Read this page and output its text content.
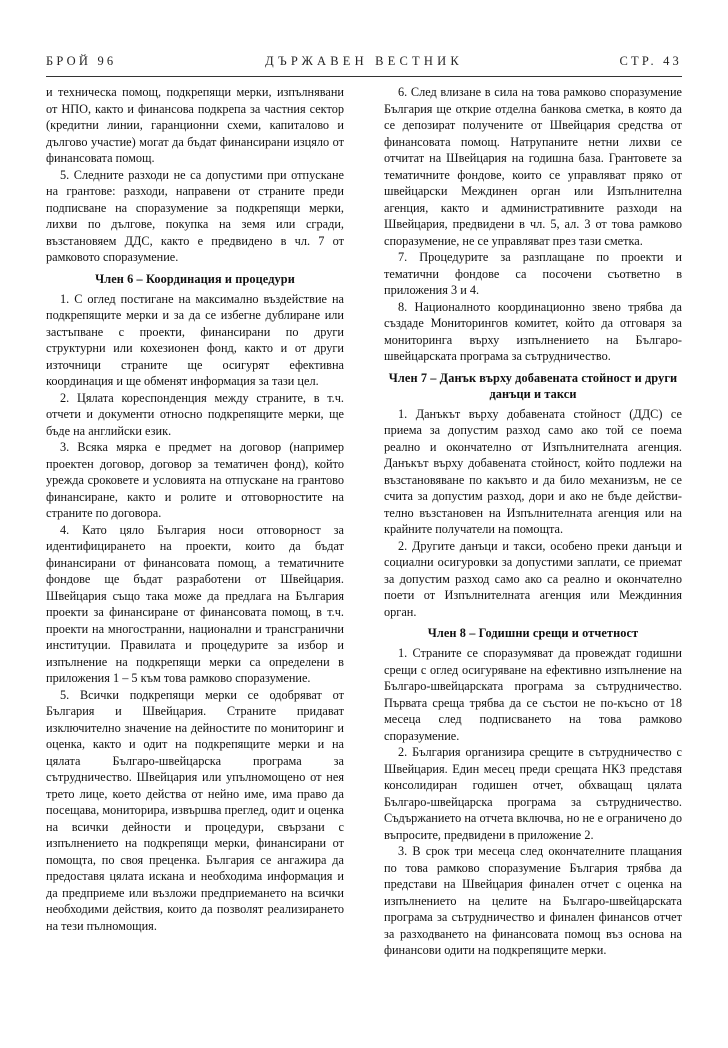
БРОЙ 96	ДЪРЖАВЕН ВЕСТНИК	СТР. 43

и техническа помощ, подкрепящи мерки, изпълнявани от НПО, както и финансова подкрепа за частния сектор (кредитни линии, гаранционни схеми, капиталово и дългово участие) могат да бъдат финансирани изцяло от финансовата помощ.

5. Следните разходи не са допустими при отпускане на грантове: разходи, направени от страните преди подписване на споразумение за подкрепящи мерки, лихви по дългове, покупка на земя или сгради, възстановяем ДДС, както е предвидено в чл. 7 от рамковото споразумение.

Член 6 – Координация и процедури

1. С оглед постигане на максимално въздействие на подкрепящите мерки и за да се избегне дублиране или застъпване с проекти, финансирани по други структурни или кохезионен фонд, както и от други източници страните ще осигурят ефективна координация и ще обменят информация за тази цел.

2. Цялата кореспонденция между страните, в т.ч. отчети и документи относно подкрепящите мерки, ще бъде на английски език.

3. Всяка мярка е предмет на договор (например проектен договор, договор за тематичен фонд), който урежда сроковете и условията на отпускане на грантово финансиране, както и ролите и отговорностите на страните по договора.

4. Като цяло България носи отговорност за идентифицирането на проекти, които да бъдат финансирани от финансовата помощ, а тематичните фондове ще бъдат разработени от Швейцария. Швейцария също така може да предлага на България проекти за финансиране от финансовата помощ, в т.ч. проекти на многостранни, национални и трансгранични институции. Правилата и процедурите за избор и изпълнение на подкрепящи мерки са определени в приложения 1 – 5 към това рамково споразумение.

5. Всички подкрепящи мерки се одобряват от България и Швейцария. Страните придават изключително значение на дейностите по мониторинг и оценка, както и одит на подкрепящите мерки и на цялата Българо-швейцарска програма за сътрудничество. Швейцария или упълномощено от нея трето лице, което действа от нейно име, има право да посещава, мониторира, извършва преглед, одит и оценка на всички дейности и процедури, свързани с изпълнението на подкрепящи мерки, финансирани от помощта, по своя преценка. България се ангажира да предоставя цялата искана и необходима информация и да предприеме или възложи предприемането на всички необходими действия, които да позволят реализирането на тези пълномощия.

6. След влизане в сила на това рамково споразумение България ще открие отделна банкова сметка, в която да се депозират получените от Швейцария средства от финансовата помощ. Натрупаните нетни лихви се отчитат на Швейцария на годишна база. Грантовете за тематичните фондове, които се управляват пряко от швейцарски Междинен орган или Изпълнителна агенция, както и административните разходи на Швейцария, предвидени в чл. 5, ал. 3 от това рамково споразумение, не се управляват през тази сметка.

7. Процедурите за разплащане по проекти и тематични фондове са посочени съответно в приложения 3 и 4.

8. Националното координационно звено трябва да създаде Мониторингов комитет, който да отговаря за мониторинга върху изпълнението на Българо-швейцарската програма за сътрудничество.

Член 7 – Данък върху добавената стойност и други данъци и такси

1. Данъкът върху добавената стойност (ДДС) се приема за допустим разход само ако той се поема реално и окончателно от Изпълнителната агенция. Данъкът върху добавената стойност, който подлежи на възстановяване по какъвто и да било механизъм, не се счита за допустим разход, дори и ако не бъде действително възстановен на Изпълнителната агенция или на крайните получатели на помощта.

2. Другите данъци и такси, особено преки данъци и социални осигуровки за допустими заплати, се приемат за допустим разход само ако са реално и окончателно поети от Изпълнителната агенция или Междинния орган.

Член 8 – Годишни срещи и отчетност

1. Страните се споразумяват да провеждат годишни срещи с оглед осигуряване на ефективно изпълнение на Българо-швейцарската програма за сътрудничество. Първата среща трябва да се състои не по-късно от 18 месеца след подписването на това рамково споразумение.

2. България организира срещите в сътрудничество с Швейцария. Един месец преди срещата НКЗ представя консолидиран годишен отчет, обхващащ цялата Българо-швейцарска програма за сътрудничество. Съдържанието на отчета включва, но не е ограничено до въпросите, предвидени в приложение 2.

3. В срок три месеца след окончателните плащания по това рамково споразумение България трябва да представи на Швейцария финален отчет с оценка на изпълнението на целите на Българо-швейцарската програма за сътрудничество и финален финансов отчет за разходването на финансовата помощ въз основа на финансови одити на подкрепящите мерки.
